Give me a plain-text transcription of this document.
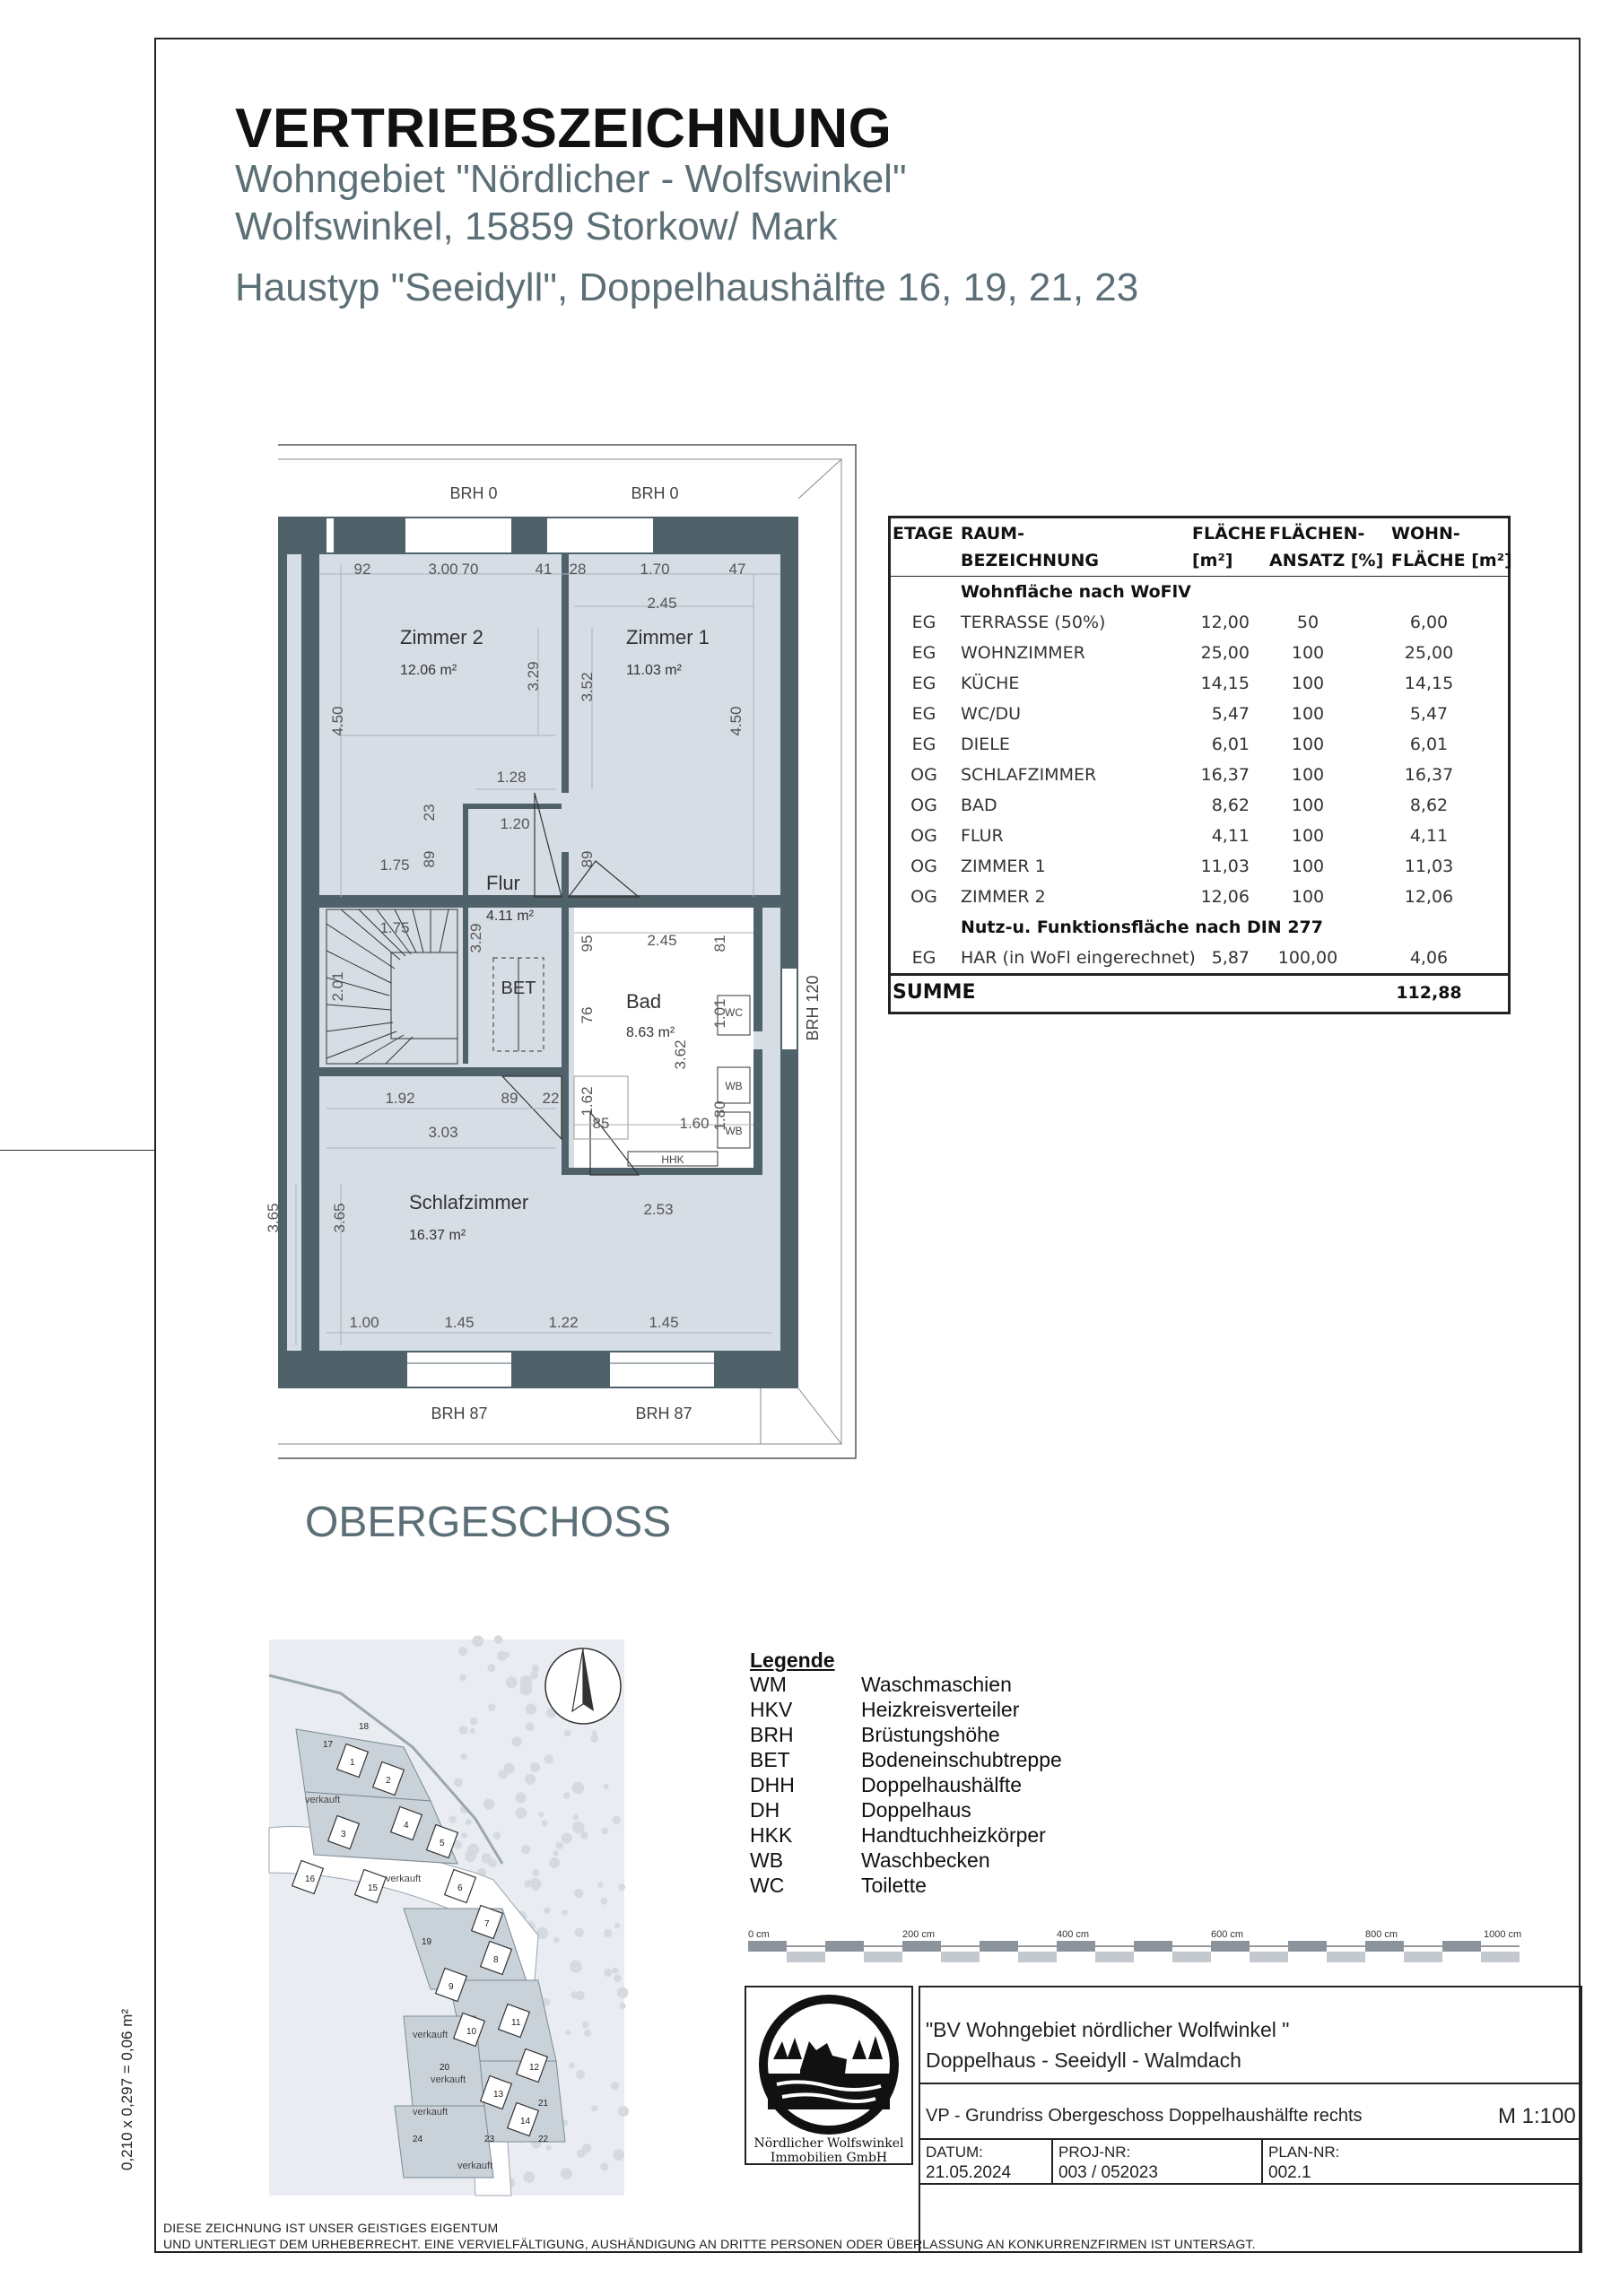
VERTRIEBSZEICHNUNG
Wohngebiet "Nördlicher - Wolfswinkel"
Wolfswinkel, 15859 Storkow/ Mark
Haustyp "Seeidyll", Doppelhaushälfte 16, 19, 21, 23
BET
WC
WB
WB
HHK
BRH 0	BRH 0
BRH 87	BRH 87
BRH 120
Zimmer 2
12.06 m²
Zimmer 1
11.03 m²
Flur
4.11 m²
Bad
8.63 m²
Schlafzimmer
16.37 m²
92	3.00 70	41 28	1.70	47
2.45
1.28
1.20
1.75
1.75
2.45
1.92	89 22
3.03
85	1.60
2.53
1.00	1.45	1.22	1.45
3.29 3.52
4.50	4.50
23
89	89
3.29
2.01
95	81
76	1.01
3.62
1.62	1.80
3.65	3.65
OBERGESCHOSS
ETAGE RAUM-
BEZEICHNUNG
FLÄCHE
[m²]
FLÄCHEN-
ANSATZ [%]
WOHN-
FLÄCHE [m²]
Wohnfläche nach WoFlV
EG	TERRASSE (50%)	12,00	50	6,00
EG	WOHNZIMMER	25,00	100	25,00
EG	KÜCHE	14,15	100	14,15
EG	WC/DU	5,47	100	5,47
EG	DIELE	6,01	100	6,01
OG	SCHLAFZIMMER	16,37	100	16,37
OG	BAD	8,62	100	8,62
OG	FLUR	4,11	100	4,11
OG	ZIMMER 1	11,03	100	11,03
OG	ZIMMER 2	12,06	100	12,06
Nutz-u. Funktionsfläche nach DIN 277
EG	HAR (in WoFl eingerechnet) 5,87	100,00	4,06
SUMME	112,88
verkauft
verkauft
verkauft
verkauft
verkauft
verkauft
1
2
3
4
5
6
7
8
9
10
11
12
13
14
15
16
17
18
19
20
21
22
23
24
Legende
WM	Waschmaschien
HKV	Heizkreisverteiler
BRH	Brüstungshöhe
BET	Bodeneinschubtreppe
DHH	Doppelhaushälfte
DH	Doppelhaus
HKK	Handtuchheizkörper
WB	Waschbecken
WC	Toilette
0 cm	200 cm	400 cm	600 cm	800 cm	1000 cm
Nördlicher Wolfswinkel
Immobilien GmbH
"BV Wohngebiet nördlicher Wolfwinkel "
Doppelhaus - Seeidyll - Walmdach
VP - Grundriss Obergeschoss Doppelhaushälfte rechts	M 1:100
DATUM:
21.05.2024
PROJ-NR:
003 / 052023
PLAN-NR:
002.1
DIESE ZEICHNUNG IST UNSER GEISTIGES EIGENTUM
UND UNTERLIEGT DEM URHEBERRECHT. EINE VERVIELFÄLTIGUNG, AUSHÄNDIGUNG AN DRITTE PERSONEN ODER ÜBERLASSUNG AN KONKURRENZFIRMEN IST UNTERSAGT.
0,210 x 0,297 = 0,06 m²
